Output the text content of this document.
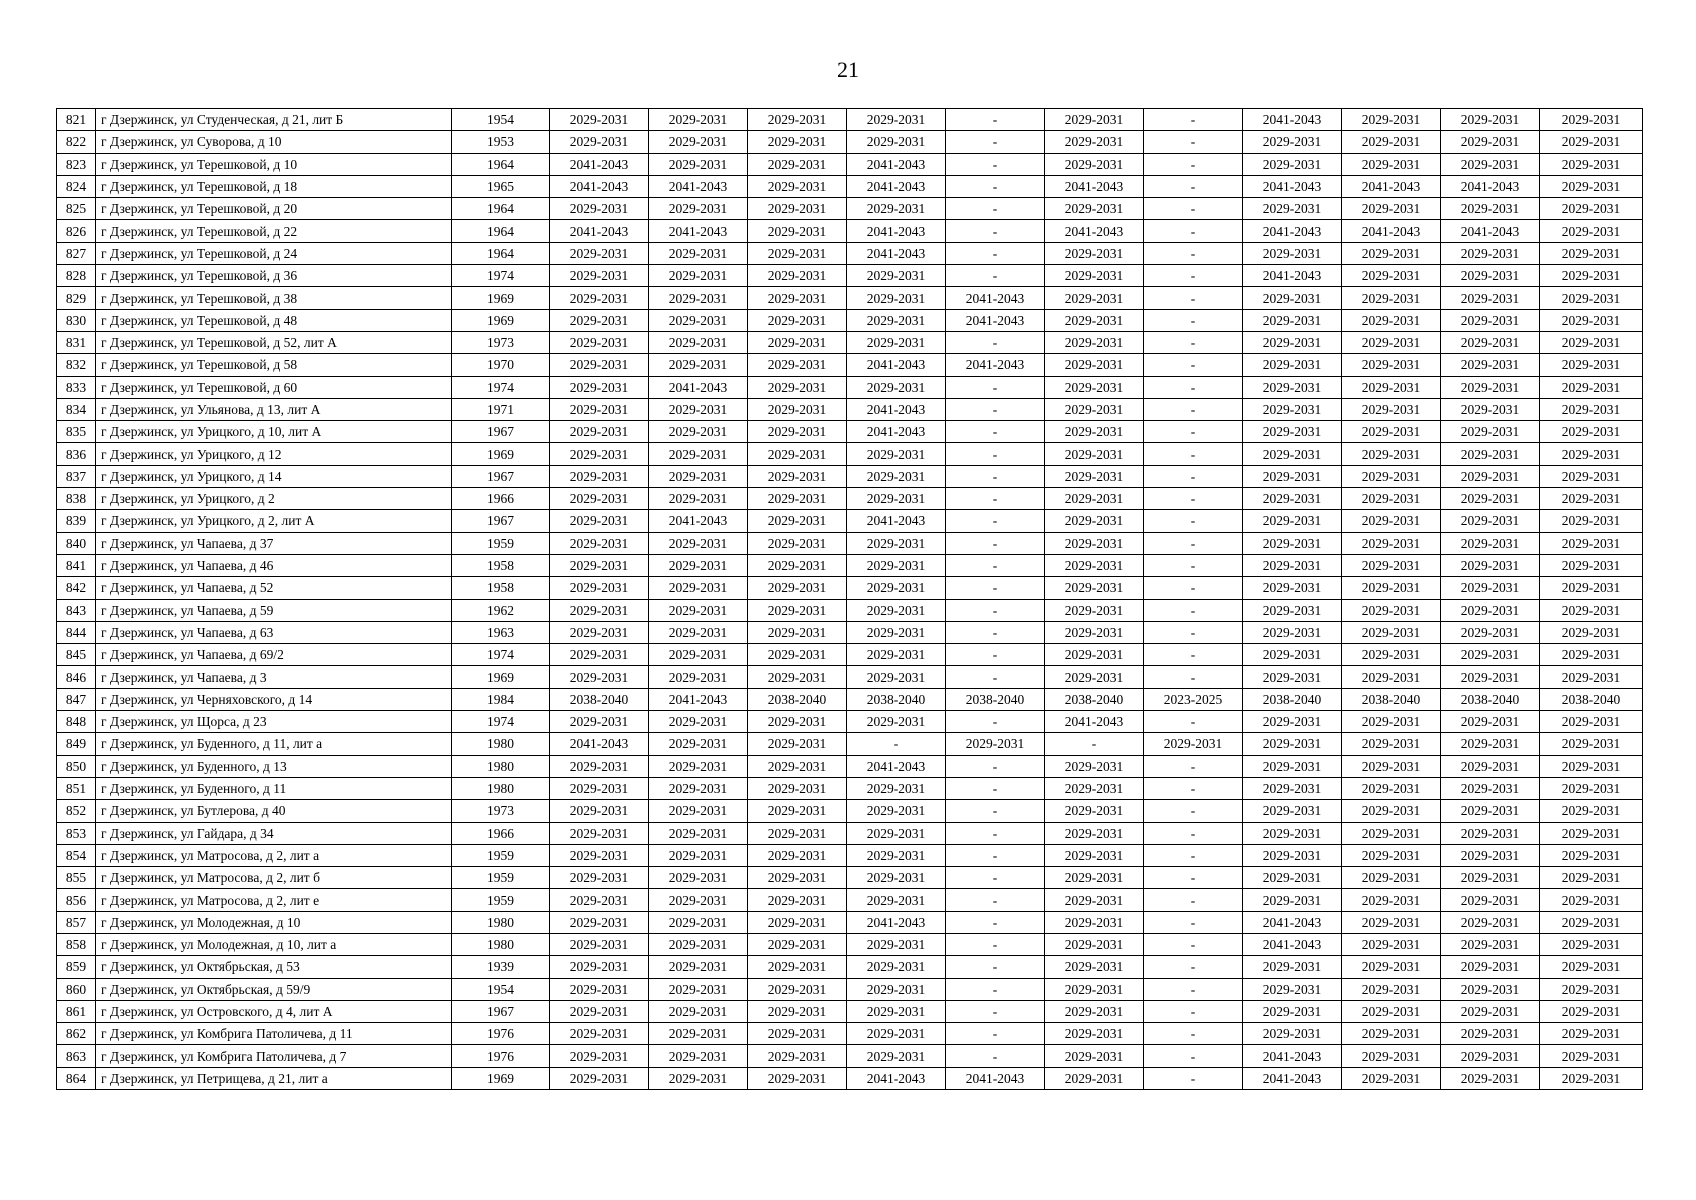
21
821	г Дзержинск, ул Студенческая, д 21, лит Б	1954	2029-2031	2029-2031	2029-2031	2029-2031	-	2029-2031	-	2041-2043	2029-2031	2029-2031	2029-2031
822	г Дзержинск, ул Суворова, д 10	1953	2029-2031	2029-2031	2029-2031	2029-2031	-	2029-2031	-	2029-2031	2029-2031	2029-2031	2029-2031
823	г Дзержинск, ул Терешковой, д 10	1964	2041-2043	2029-2031	2029-2031	2041-2043	-	2029-2031	-	2029-2031	2029-2031	2029-2031	2029-2031
824	г Дзержинск, ул Терешковой, д 18	1965	2041-2043	2041-2043	2029-2031	2041-2043	-	2041-2043	-	2041-2043	2041-2043	2041-2043	2029-2031
825	г Дзержинск, ул Терешковой, д 20	1964	2029-2031	2029-2031	2029-2031	2029-2031	-	2029-2031	-	2029-2031	2029-2031	2029-2031	2029-2031
826	г Дзержинск, ул Терешковой, д 22	1964	2041-2043	2041-2043	2029-2031	2041-2043	-	2041-2043	-	2041-2043	2041-2043	2041-2043	2029-2031
827	г Дзержинск, ул Терешковой, д 24	1964	2029-2031	2029-2031	2029-2031	2041-2043	-	2029-2031	-	2029-2031	2029-2031	2029-2031	2029-2031
828	г Дзержинск, ул Терешковой, д 36	1974	2029-2031	2029-2031	2029-2031	2029-2031	-	2029-2031	-	2041-2043	2029-2031	2029-2031	2029-2031
829	г Дзержинск, ул Терешковой, д 38	1969	2029-2031	2029-2031	2029-2031	2029-2031	2041-2043	2029-2031	-	2029-2031	2029-2031	2029-2031	2029-2031
830	г Дзержинск, ул Терешковой, д 48	1969	2029-2031	2029-2031	2029-2031	2029-2031	2041-2043	2029-2031	-	2029-2031	2029-2031	2029-2031	2029-2031
831	г Дзержинск, ул Терешковой, д 52, лит А	1973	2029-2031	2029-2031	2029-2031	2029-2031	-	2029-2031	-	2029-2031	2029-2031	2029-2031	2029-2031
832	г Дзержинск, ул Терешковой, д 58	1970	2029-2031	2029-2031	2029-2031	2041-2043	2041-2043	2029-2031	-	2029-2031	2029-2031	2029-2031	2029-2031
833	г Дзержинск, ул Терешковой, д 60	1974	2029-2031	2041-2043	2029-2031	2029-2031	-	2029-2031	-	2029-2031	2029-2031	2029-2031	2029-2031
834	г Дзержинск, ул Ульянова, д 13, лит А	1971	2029-2031	2029-2031	2029-2031	2041-2043	-	2029-2031	-	2029-2031	2029-2031	2029-2031	2029-2031
835	г Дзержинск, ул Урицкого, д 10, лит А	1967	2029-2031	2029-2031	2029-2031	2041-2043	-	2029-2031	-	2029-2031	2029-2031	2029-2031	2029-2031
836	г Дзержинск, ул Урицкого, д 12	1969	2029-2031	2029-2031	2029-2031	2029-2031	-	2029-2031	-	2029-2031	2029-2031	2029-2031	2029-2031
837	г Дзержинск, ул Урицкого, д 14	1967	2029-2031	2029-2031	2029-2031	2029-2031	-	2029-2031	-	2029-2031	2029-2031	2029-2031	2029-2031
838	г Дзержинск, ул Урицкого, д 2	1966	2029-2031	2029-2031	2029-2031	2029-2031	-	2029-2031	-	2029-2031	2029-2031	2029-2031	2029-2031
839	г Дзержинск, ул Урицкого, д 2, лит А	1967	2029-2031	2041-2043	2029-2031	2041-2043	-	2029-2031	-	2029-2031	2029-2031	2029-2031	2029-2031
840	г Дзержинск, ул Чапаева, д 37	1959	2029-2031	2029-2031	2029-2031	2029-2031	-	2029-2031	-	2029-2031	2029-2031	2029-2031	2029-2031
841	г Дзержинск, ул Чапаева, д 46	1958	2029-2031	2029-2031	2029-2031	2029-2031	-	2029-2031	-	2029-2031	2029-2031	2029-2031	2029-2031
842	г Дзержинск, ул Чапаева, д 52	1958	2029-2031	2029-2031	2029-2031	2029-2031	-	2029-2031	-	2029-2031	2029-2031	2029-2031	2029-2031
843	г Дзержинск, ул Чапаева, д 59	1962	2029-2031	2029-2031	2029-2031	2029-2031	-	2029-2031	-	2029-2031	2029-2031	2029-2031	2029-2031
844	г Дзержинск, ул Чапаева, д 63	1963	2029-2031	2029-2031	2029-2031	2029-2031	-	2029-2031	-	2029-2031	2029-2031	2029-2031	2029-2031
845	г Дзержинск, ул Чапаева, д 69/2	1974	2029-2031	2029-2031	2029-2031	2029-2031	-	2029-2031	-	2029-2031	2029-2031	2029-2031	2029-2031
846	г Дзержинск, ул Чапаева, д 3	1969	2029-2031	2029-2031	2029-2031	2029-2031	-	2029-2031	-	2029-2031	2029-2031	2029-2031	2029-2031
847	г Дзержинск, ул Черняховского, д 14	1984	2038-2040	2041-2043	2038-2040	2038-2040	2038-2040	2038-2040	2023-2025	2038-2040	2038-2040	2038-2040	2038-2040
848	г Дзержинск, ул Щорса, д 23	1974	2029-2031	2029-2031	2029-2031	2029-2031	-	2041-2043	-	2029-2031	2029-2031	2029-2031	2029-2031
849	г Дзержинск, ул Буденного, д 11, лит а	1980	2041-2043	2029-2031	2029-2031	-	2029-2031	-	2029-2031	2029-2031	2029-2031	2029-2031	2029-2031
850	г Дзержинск, ул Буденного, д 13	1980	2029-2031	2029-2031	2029-2031	2041-2043	-	2029-2031	-	2029-2031	2029-2031	2029-2031	2029-2031
851	г Дзержинск, ул Буденного, д 11	1980	2029-2031	2029-2031	2029-2031	2029-2031	-	2029-2031	-	2029-2031	2029-2031	2029-2031	2029-2031
852	г Дзержинск, ул Бутлерова, д 40	1973	2029-2031	2029-2031	2029-2031	2029-2031	-	2029-2031	-	2029-2031	2029-2031	2029-2031	2029-2031
853	г Дзержинск, ул Гайдара, д 34	1966	2029-2031	2029-2031	2029-2031	2029-2031	-	2029-2031	-	2029-2031	2029-2031	2029-2031	2029-2031
854	г Дзержинск, ул Матросова, д 2, лит а	1959	2029-2031	2029-2031	2029-2031	2029-2031	-	2029-2031	-	2029-2031	2029-2031	2029-2031	2029-2031
855	г Дзержинск, ул Матросова, д 2, лит б	1959	2029-2031	2029-2031	2029-2031	2029-2031	-	2029-2031	-	2029-2031	2029-2031	2029-2031	2029-2031
856	г Дзержинск, ул Матросова, д 2, лит е	1959	2029-2031	2029-2031	2029-2031	2029-2031	-	2029-2031	-	2029-2031	2029-2031	2029-2031	2029-2031
857	г Дзержинск, ул Молодежная, д 10	1980	2029-2031	2029-2031	2029-2031	2041-2043	-	2029-2031	-	2041-2043	2029-2031	2029-2031	2029-2031
858	г Дзержинск, ул Молодежная, д 10, лит а	1980	2029-2031	2029-2031	2029-2031	2029-2031	-	2029-2031	-	2041-2043	2029-2031	2029-2031	2029-2031
859	г Дзержинск, ул Октябрьская, д 53	1939	2029-2031	2029-2031	2029-2031	2029-2031	-	2029-2031	-	2029-2031	2029-2031	2029-2031	2029-2031
860	г Дзержинск, ул Октябрьская, д 59/9	1954	2029-2031	2029-2031	2029-2031	2029-2031	-	2029-2031	-	2029-2031	2029-2031	2029-2031	2029-2031
861	г Дзержинск, ул Островского, д 4, лит А	1967	2029-2031	2029-2031	2029-2031	2029-2031	-	2029-2031	-	2029-2031	2029-2031	2029-2031	2029-2031
862	г Дзержинск, ул Комбрига Патоличева, д 11	1976	2029-2031	2029-2031	2029-2031	2029-2031	-	2029-2031	-	2029-2031	2029-2031	2029-2031	2029-2031
863	г Дзержинск, ул Комбрига Патоличева, д 7	1976	2029-2031	2029-2031	2029-2031	2029-2031	-	2029-2031	-	2041-2043	2029-2031	2029-2031	2029-2031
864	г Дзержинск, ул Петрищева, д 21, лит а	1969	2029-2031	2029-2031	2029-2031	2041-2043	2041-2043	2029-2031	-	2041-2043	2029-2031	2029-2031	2029-2031
